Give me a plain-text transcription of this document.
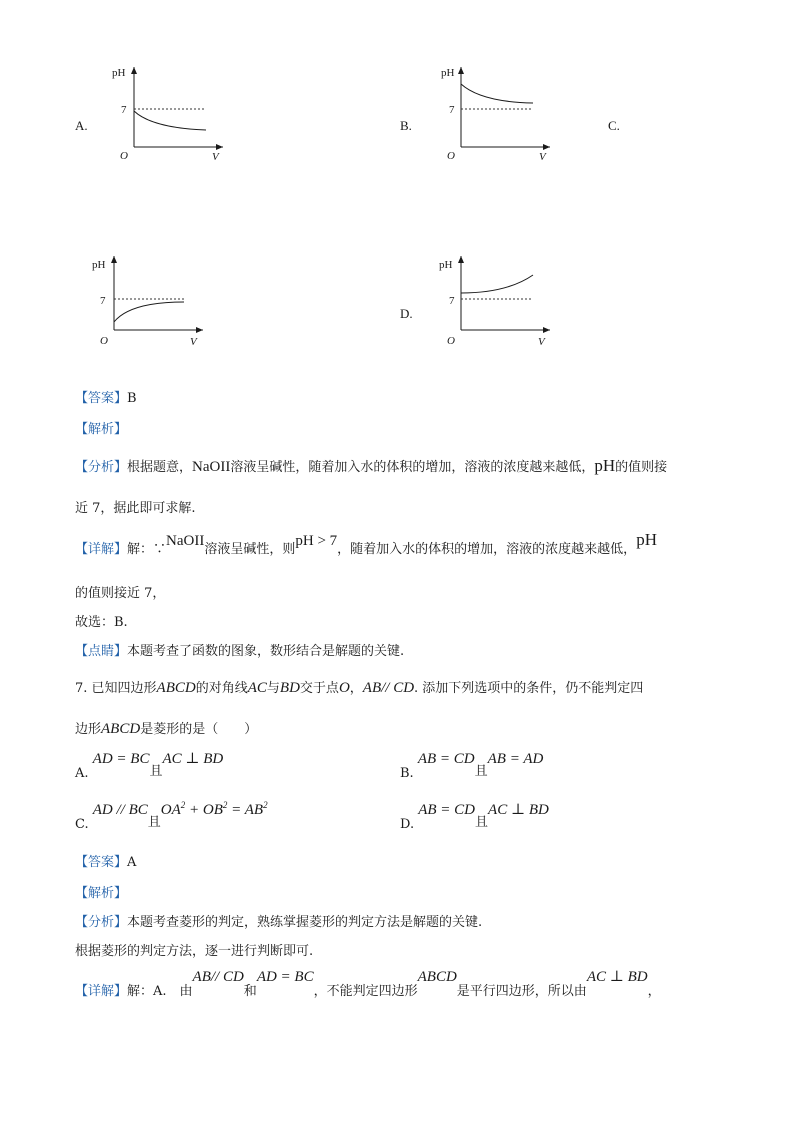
A.
pH
7
O	V
B.
pH
7
O	V
C.
pH
7
O	V
D.
pH
7
O	V
【答案】B
【解析】
【分析】根据题意，NaOII溶液呈碱性，随着加入水的体积的增加，溶液的浓度越来越低，pH的值则接
近 7，据此即可求解.
【详解】解：∵NaOII溶液呈碱性，则pH > 7，随着加入水的体积的增加，溶液的浓度越来越低，pH
的值则接近 7，
故选：B.
【点睛】本题考查了函数的图象，数形结合是解题的关键.
7. 已知四边形ABCD的对角线AC与BD交于点O，AB// CD. 添加下列选项中的条件，仍不能判定四
边形ABCD是菱形的是（　　）
A. AD = BC且AC ⊥ BD
B. AB = CD且AB = AD
C. AD // BC且$OA^2 + OB^2 = AB^2$
D. AB = CD且AC ⊥ BD
【答案】A
【解析】
【分析】本题考查菱形的判定，熟练掌握菱形的判定方法是解题的关键.
根据菱形的判定方法，逐一进行判断即可.
【详解】解：A.　由AB// CD和AD = BC，不能判定四边形ABCD是平行四边形，所以由AC ⊥ BD，
